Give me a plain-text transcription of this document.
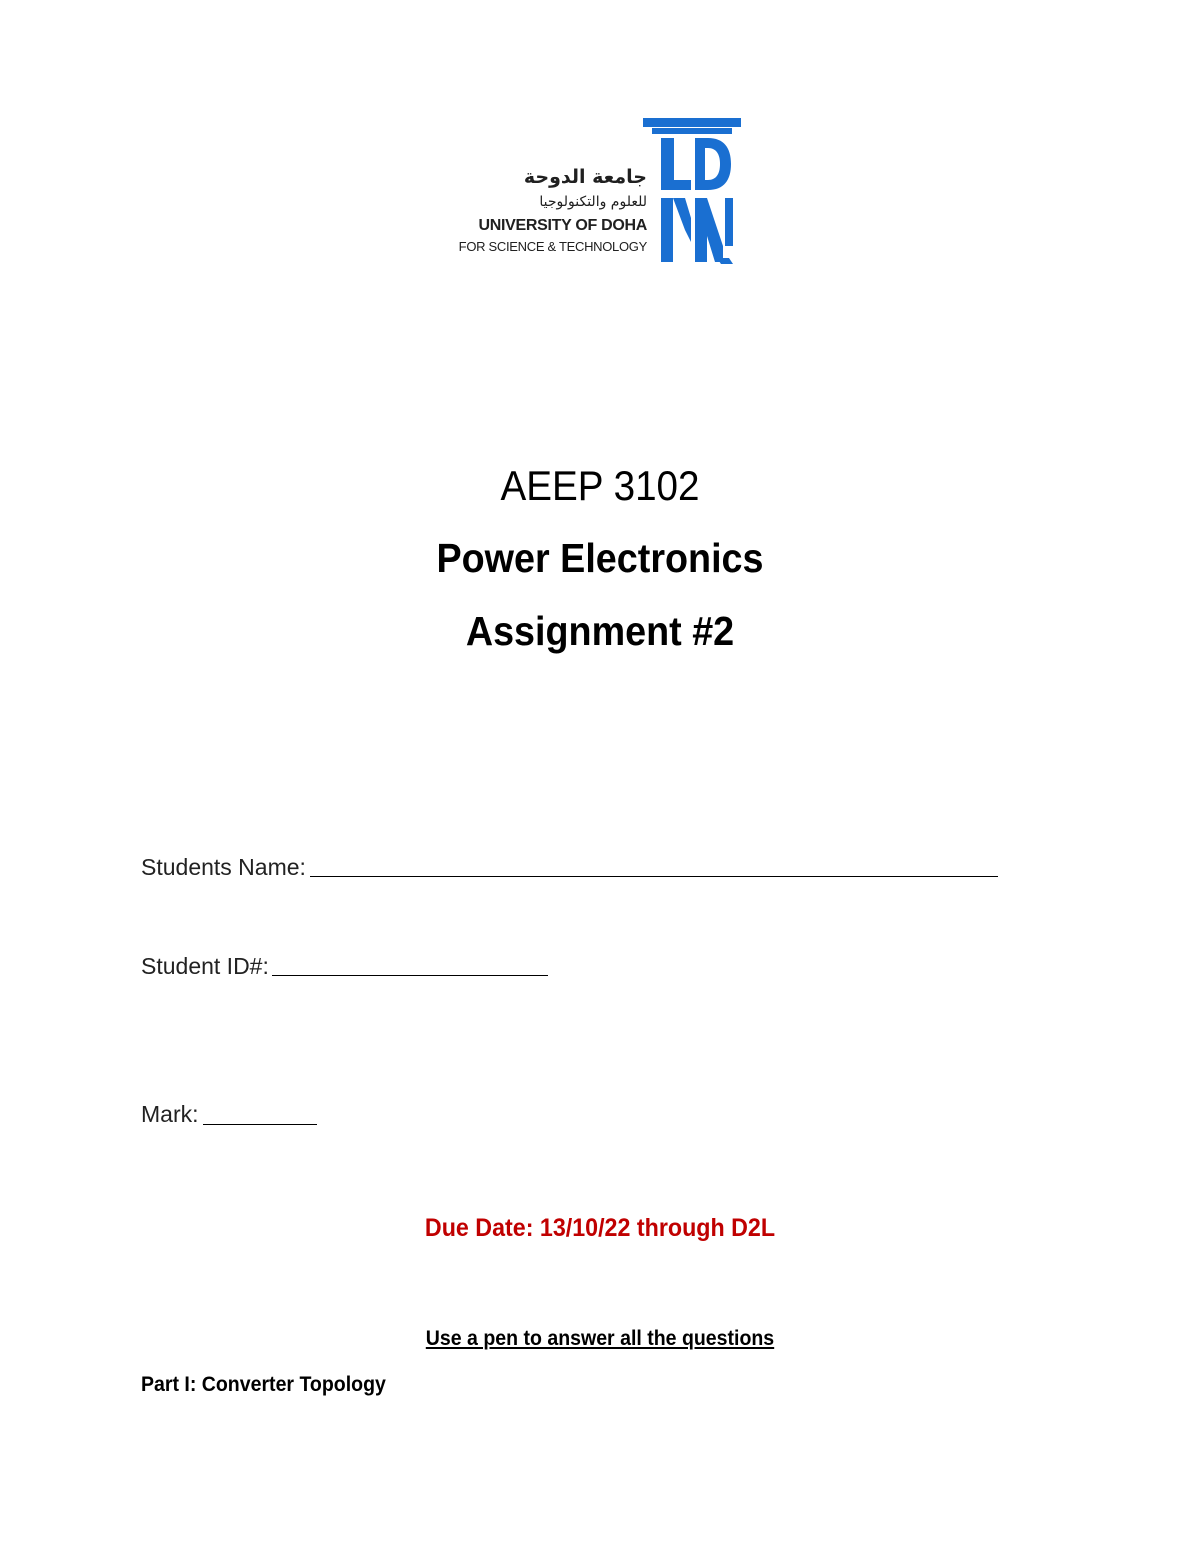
جامعة الدوحة
للعلوم والتكنولوجيا
UNIVERSITY OF DOHA
FOR SCIENCE & TECHNOLOGY
AEEP 3102
Power Electronics
Assignment #2
Students Name:
Student ID#:
Mark:
Due Date: 13/10/22 through D2L
Use a pen to answer all the questions
Part I: Converter Topology
